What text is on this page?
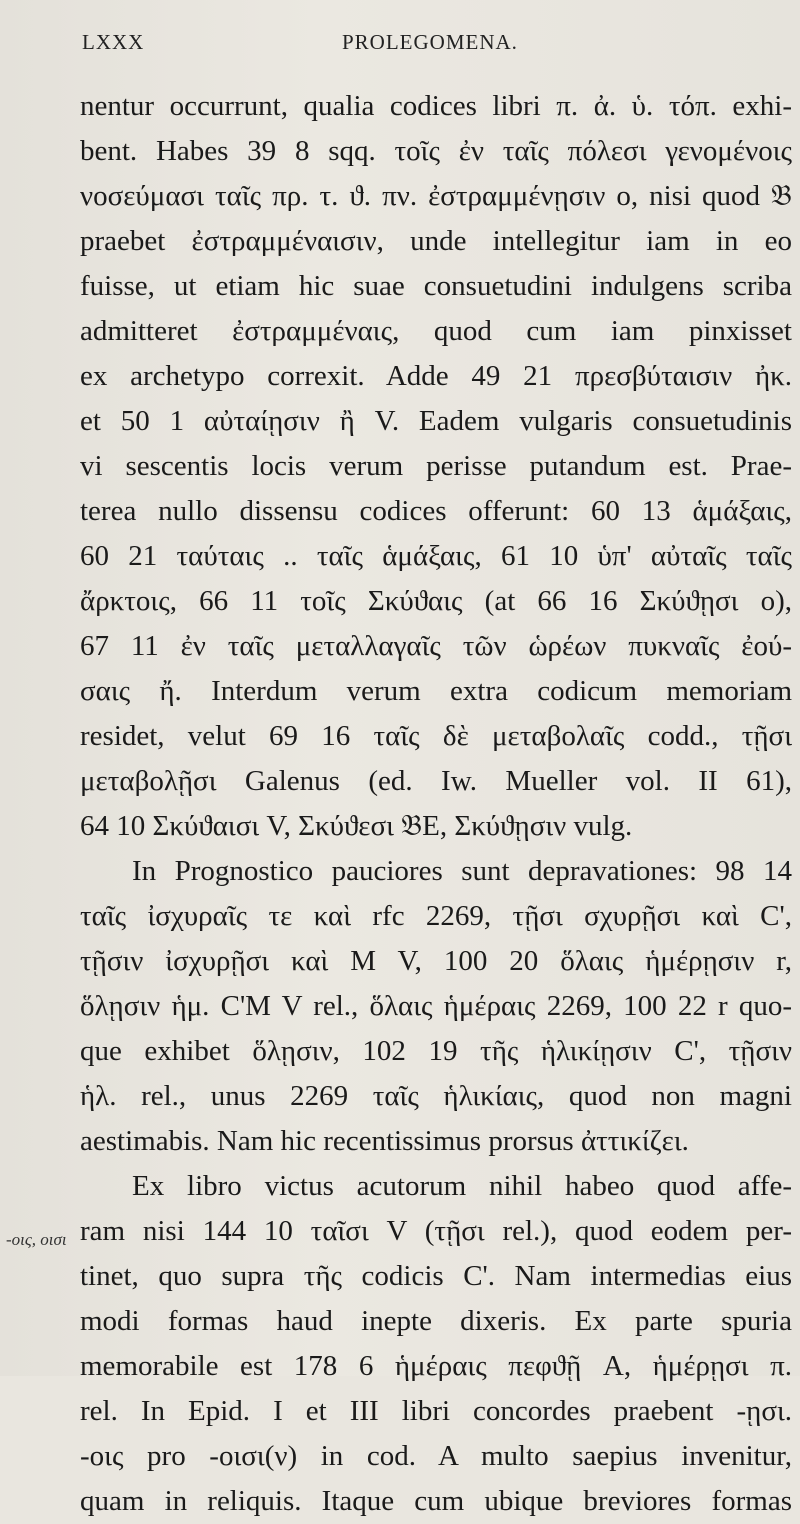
LXXX	PROLEGOMENA.
-οις, οισι
nentur occurrunt, qualia codices libri π. ἀ. ὑ. τόπ. exhi-
bent. Habes 39 8 sqq. τοῖς ἐν ταῖς πόλεσι γενομένοις
νοσεύμασι ταῖς πρ. τ. ϑ. πν. ἐστραμμένῃσιν o, nisi quod 𝔅
praebet ἐστραμμέναισιν, unde intellegitur iam in eo
fuisse, ut etiam hic suae consuetudini indulgens scriba
admitteret ἐστραμμέναις, quod cum iam pinxisset
ex archetypo correxit. Adde 49 21 πρεσβύταισιν ἠκ.
et 50 1 αὐταίῃσιν ἢ V. Eadem vulgaris consuetudinis
vi sescentis locis verum perisse putandum est. Prae-
terea nullo dissensu codices offerunt: 60 13 ἁμάξαις,
60 21 ταύταις .. ταῖς ἁμάξαις, 61 10 ὑπ' αὐταῖς ταῖς
ἄρκτοις, 66 11 τοῖς Σκύϑαις (at 66 16 Σκύϑῃσι o),
67 11 ἐν ταῖς μεταλλαγαῖς τῶν ὡρέων πυκναῖς ἐού-
σαις ἤ. Interdum verum extra codicum memoriam
residet, velut 69 16 ταῖς δὲ μεταβολαῖς codd., τῇσι
μεταβολῇσι Galenus (ed. Iw. Mueller vol. II 61),
64 10 Σκύϑαισι V, Σκύϑεσι 𝔅E, Σκύϑῃσιν vulg.
In Prognostico pauciores sunt depravationes: 98 14
ταῖς ἰσχυραῖς τε καὶ rfc 2269, τῇσι σχυρῇσι καὶ C',
τῇσιν ἰσχυρῇσι καὶ M V, 100 20 ὅλαις ἡμέρῃσιν r,
ὅλῃσιν ἡμ. C'M V rel., ὅλαις ἡμέραις 2269, 100 22 r quo-
que exhibet ὅλῃσιν, 102 19 τῆς ἡλικίῃσιν C', τῇσιν
ἡλ. rel., unus 2269 ταῖς ἡλικίαις, quod non magni
aestimabis. Nam hic recentissimus prorsus ἀττικίζει.
Ex libro victus acutorum nihil habeo quod affe-
ram nisi 144 10 ταῖσι V (τῇσι rel.), quod eodem per-
tinet, quo supra τῆς codicis C'. Nam intermedias eius
modi formas haud inepte dixeris. Ex parte spuria
memorabile est 178 6 ἡμέραις πεφϑῇ A, ἡμέρῃσι π.
rel. In Epid. I et III libri concordes praebent -ῃσι.
-οις pro -οισι(ν) in cod. A multo saepius invenitur,
quam in reliquis. Itaque cum ubique breviores formas
